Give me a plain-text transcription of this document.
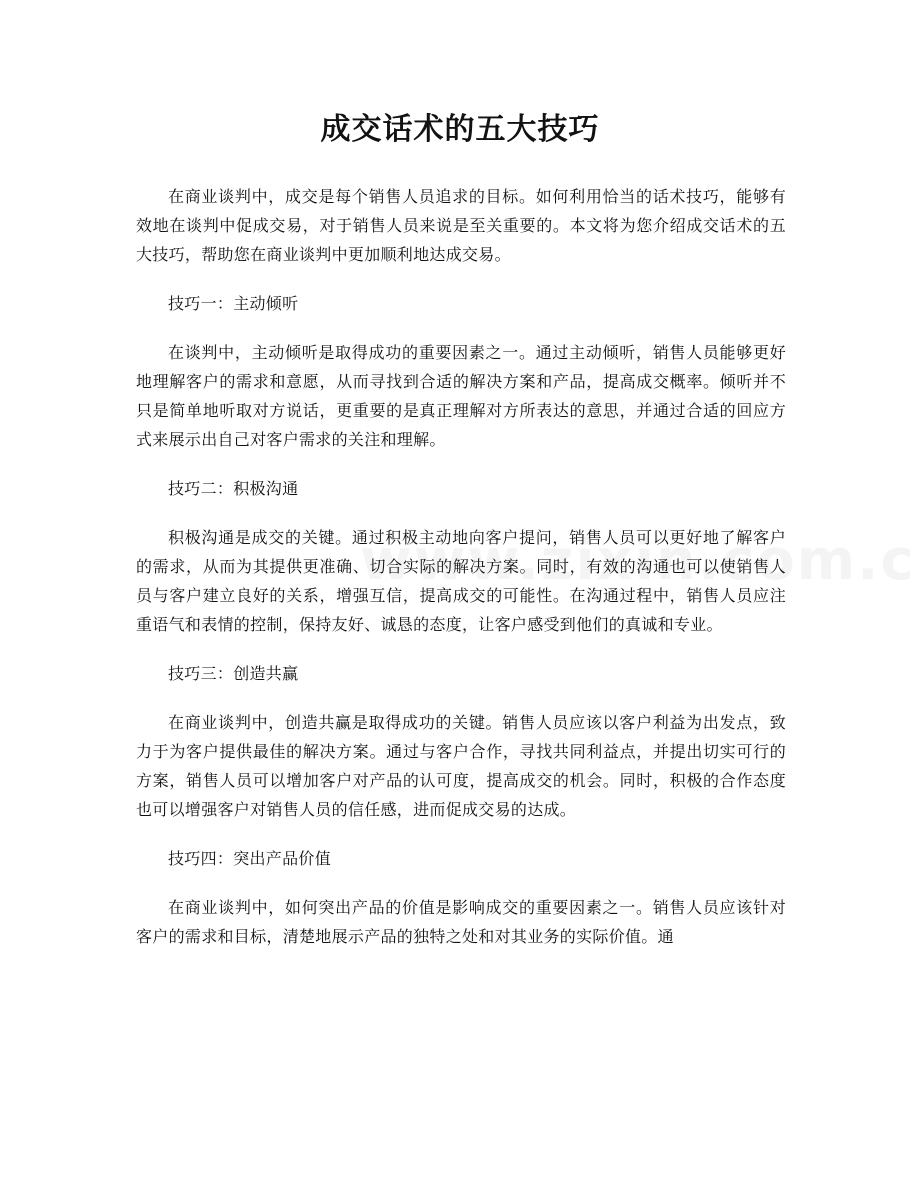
成交话术的五大技巧

在商业谈判中，成交是每个销售人员追求的目标。如何利用恰当的话术技巧，能够有效地在谈判中促成交易，对于销售人员来说是至关重要的。本文将为您介绍成交话术的五大技巧，帮助您在商业谈判中更加顺利地达成交易。

技巧一：主动倾听

在谈判中，主动倾听是取得成功的重要因素之一。通过主动倾听，销售人员能够更好地理解客户的需求和意愿，从而寻找到合适的解决方案和产品，提高成交概率。倾听并不只是简单地听取对方说话，更重要的是真正理解对方所表达的意思，并通过合适的回应方式来展示出自己对客户需求的关注和理解。

技巧二：积极沟通

积极沟通是成交的关键。通过积极主动地向客户提问，销售人员可以更好地了解客户的需求，从而为其提供更准确、切合实际的解决方案。同时，有效的沟通也可以使销售人员与客户建立良好的关系，增强互信，提高成交的可能性。在沟通过程中，销售人员应注重语气和表情的控制，保持友好、诚恳的态度，让客户感受到他们的真诚和专业。

技巧三：创造共赢

在商业谈判中，创造共赢是取得成功的关键。销售人员应该以客户利益为出发点，致力于为客户提供最佳的解决方案。通过与客户合作，寻找共同利益点，并提出切实可行的方案，销售人员可以增加客户对产品的认可度，提高成交的机会。同时，积极的合作态度也可以增强客户对销售人员的信任感，进而促成交易的达成。

技巧四：突出产品价值

在商业谈判中，如何突出产品的价值是影响成交的重要因素之一。销售人员应该针对客户的需求和目标，清楚地展示产品的独特之处和对其业务的实际价值。通
